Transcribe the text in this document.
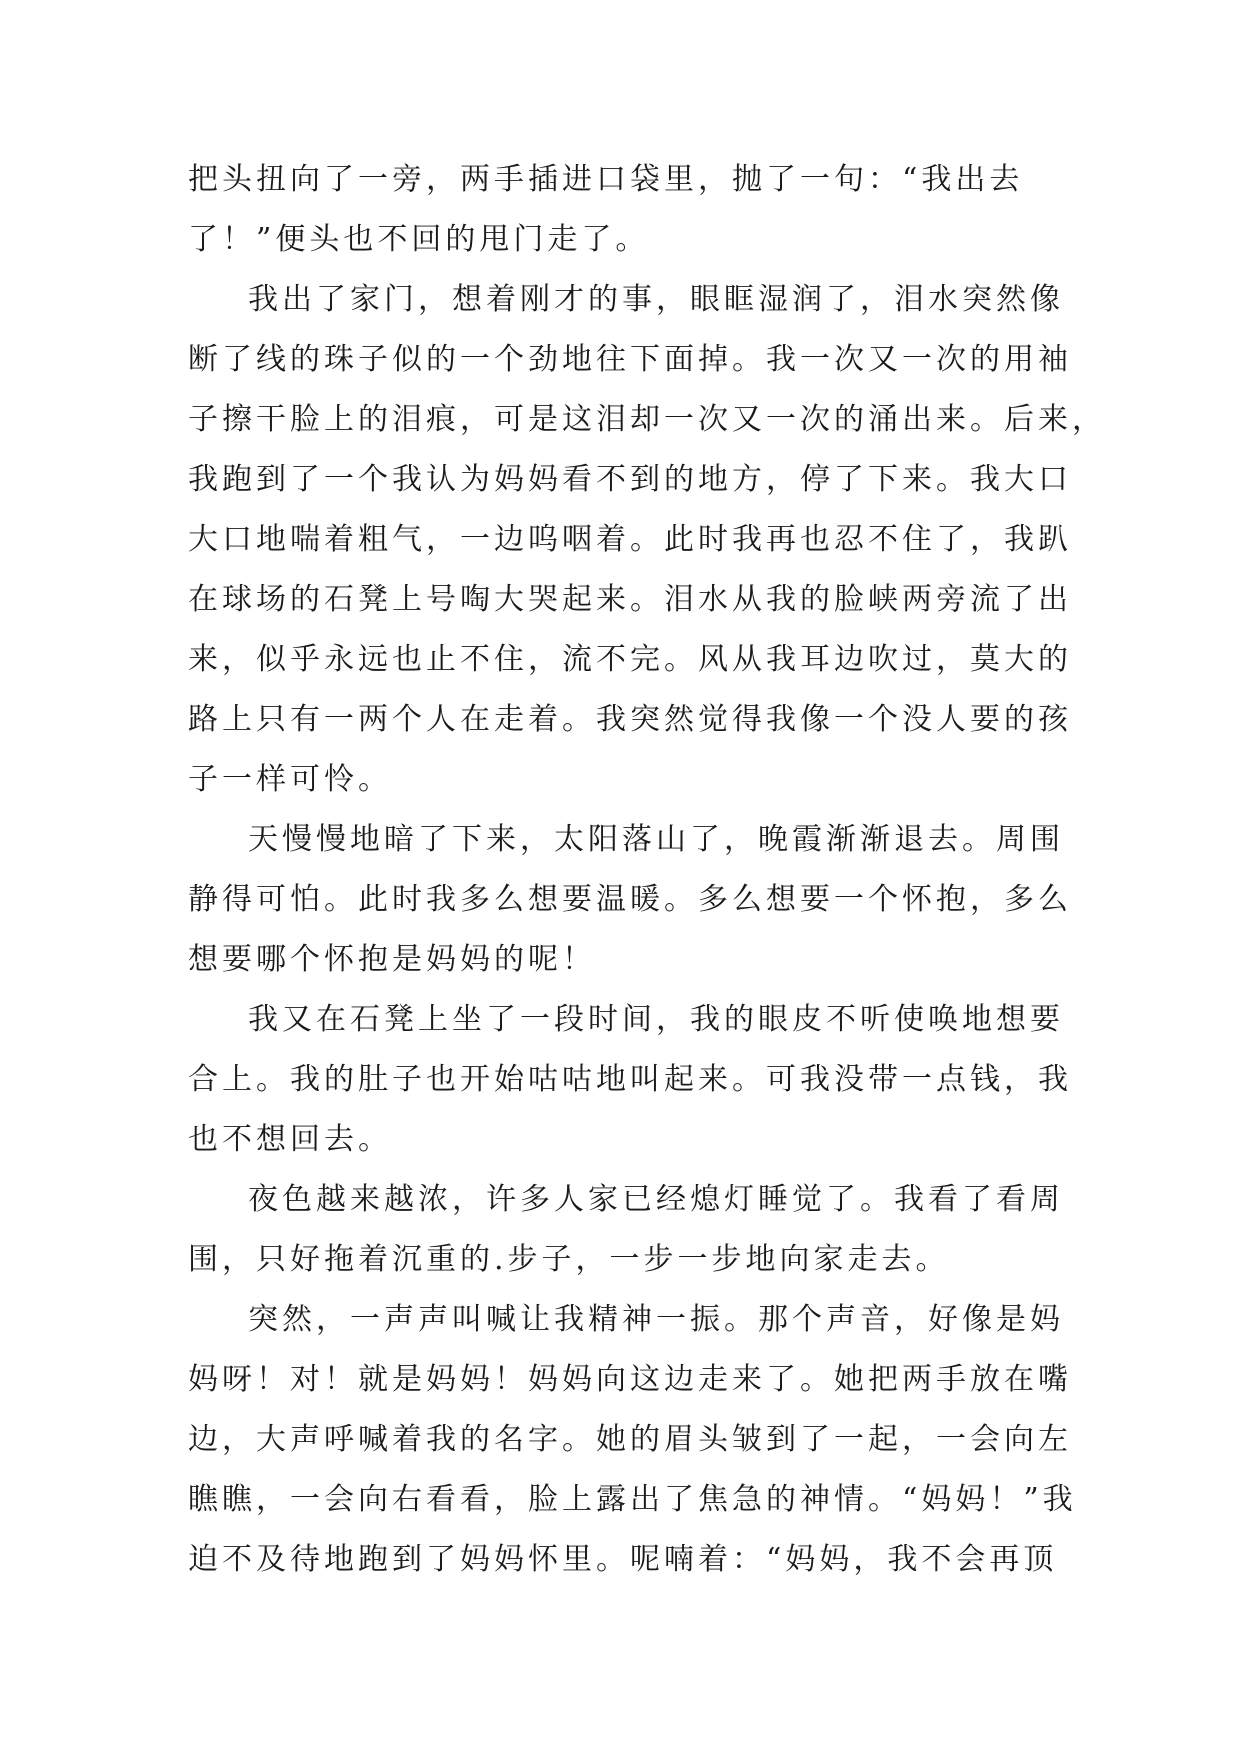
把头扭向了一旁，两手插进口袋里，抛了一句：“我出去
了！”便头也不回的甩门走了。
我出了家门，想着刚才的事，眼眶湿润了，泪水突然像
断了线的珠子似的一个劲地往下面掉。我一次又一次的用袖
子擦干脸上的泪痕，可是这泪却一次又一次的涌出来。后来，
我跑到了一个我认为妈妈看不到的地方，停了下来。我大口
大口地喘着粗气，一边呜咽着。此时我再也忍不住了，我趴
在球场的石凳上号啕大哭起来。泪水从我的脸峡两旁流了出
来，似乎永远也止不住，流不完。风从我耳边吹过，莫大的
路上只有一两个人在走着。我突然觉得我像一个没人要的孩
子一样可怜。
天慢慢地暗了下来，太阳落山了，晚霞渐渐退去。周围
静得可怕。此时我多么想要温暖。多么想要一个怀抱，多么
想要哪个怀抱是妈妈的呢！
我又在石凳上坐了一段时间，我的眼皮不听使唤地想要
合上。我的肚子也开始咕咕地叫起来。可我没带一点钱，我
也不想回去。
夜色越来越浓，许多人家已经熄灯睡觉了。我看了看周
围，只好拖着沉重的.步子，一步一步地向家走去。
突然，一声声叫喊让我精神一振。那个声音，好像是妈
妈呀！对！就是妈妈！妈妈向这边走来了。她把两手放在嘴
边，大声呼喊着我的名字。她的眉头皱到了一起，一会向左
瞧瞧，一会向右看看，脸上露出了焦急的神情。“妈妈！”我
迫不及待地跑到了妈妈怀里。呢喃着：“妈妈，我不会再顶
